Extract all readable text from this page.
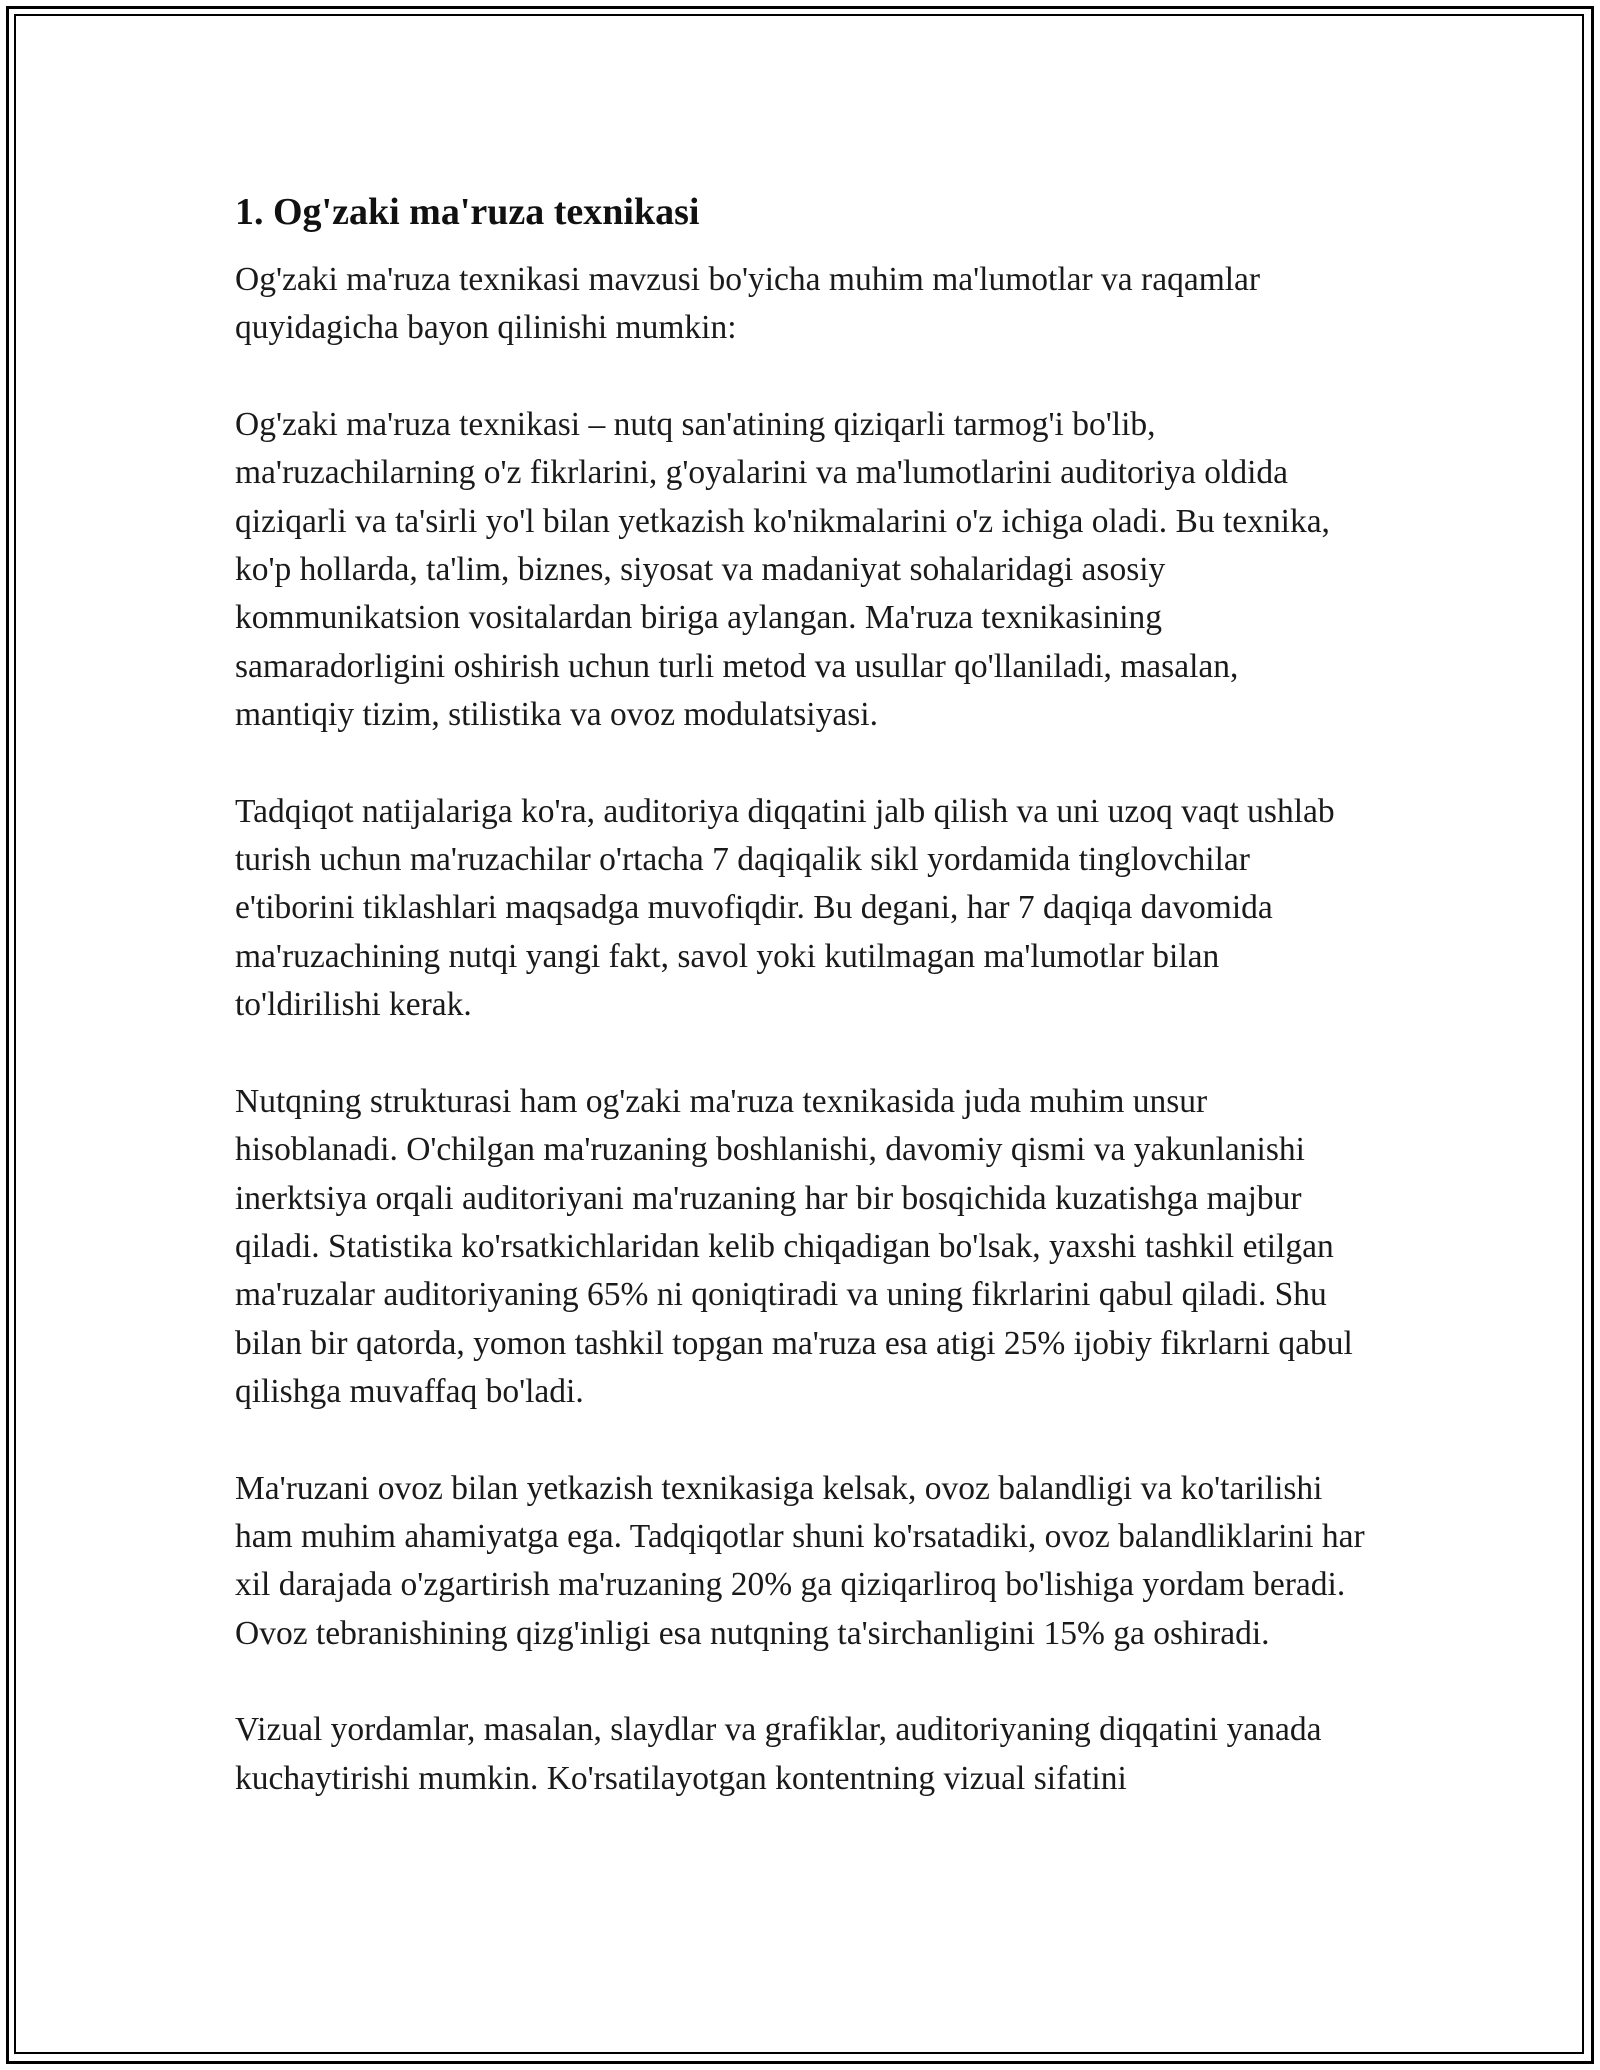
1. Og'zaki ma'ruza texnikasi

Og'zaki ma'ruza texnikasi mavzusi bo'yicha muhim ma'lumotlar va raqamlar quyidagicha bayon qilinishi mumkin:

Og'zaki ma'ruza texnikasi – nutq san'atining qiziqarli tarmog'i bo'lib, ma'ruzachilarning o'z fikrlarini, g'oyalarini va ma'lumotlarini auditoriya oldida qiziqarli va ta'sirli yo'l bilan yetkazish ko'nikmalarini o'z ichiga oladi. Bu texnika, ko'p hollarda, ta'lim, biznes, siyosat va madaniyat sohalaridagi asosiy kommunikatsion vositalardan biriga aylangan. Ma'ruza texnikasining samaradorligini oshirish uchun turli metod va usullar qo'llaniladi, masalan, mantiqiy tizim, stilistika va ovoz modulatsiyasi.

Tadqiqot natijalariga ko'ra, auditoriya diqqatini jalb qilish va uni uzoq vaqt ushlab turish uchun ma'ruzachilar o'rtacha 7 daqiqalik sikl yordamida tinglovchilar e'tiborini tiklashlari maqsadga muvofiqdir. Bu degani, har 7 daqiqa davomida ma'ruzachining nutqi yangi fakt, savol yoki kutilmagan ma'lumotlar bilan to'ldirilishi kerak.

Nutqning strukturasi ham og'zaki ma'ruza texnikasida juda muhim unsur hisoblanadi. O'chilgan ma'ruzaning boshlanishi, davomiy qismi va yakunlanishi inerktsiya orqali auditoriyani ma'ruzaning har bir bosqichida kuzatishga majbur qiladi. Statistika ko'rsatkichlaridan kelib chiqadigan bo'lsak, yaxshi tashkil etilgan ma'ruzalar auditoriyaning 65% ni qoniqtiradi va uning fikrlarini qabul qiladi. Shu bilan bir qatorda, yomon tashkil topgan ma'ruza esa atigi 25% ijobiy fikrlarni qabul qilishga muvaffaq bo'ladi.

Ma'ruzani ovoz bilan yetkazish texnikasiga kelsak, ovoz balandligi va ko'tarilishi ham muhim ahamiyatga ega. Tadqiqotlar shuni ko'rsatadiki, ovoz balandliklarini har xil darajada o'zgartirish ma'ruzaning 20% ga qiziqarliroq bo'lishiga yordam beradi. Ovoz tebranishining qizg'inligi esa nutqning ta'sirchanligini 15% ga oshiradi.

Vizual yordamlar, masalan, slaydlar va grafiklar, auditoriyaning diqqatini yanada kuchaytirishi mumkin. Ko'rsatilayotgan kontentning vizual sifatini
